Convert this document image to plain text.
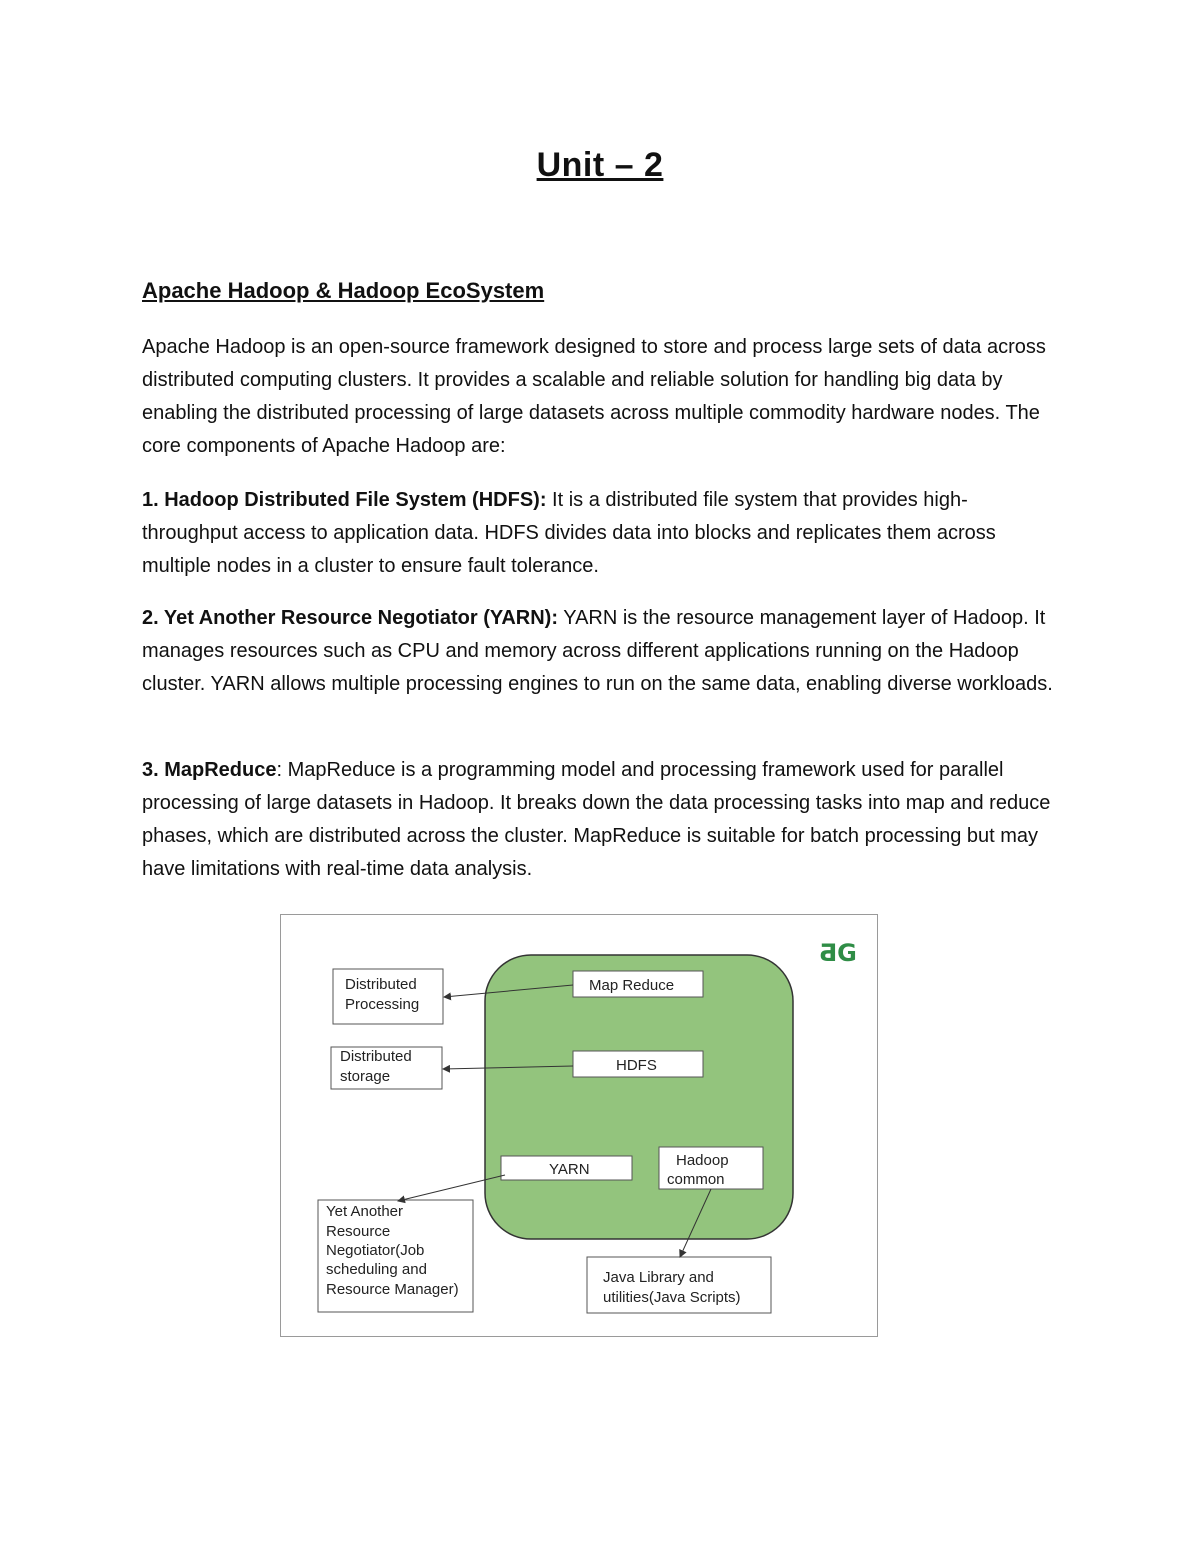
Unit – 2
Apache Hadoop & Hadoop EcoSystem

Apache Hadoop is an open-source framework designed to store and process large sets of data across distributed computing clusters. It provides a scalable and reliable solution for handling big data by enabling the distributed processing of large datasets across multiple commodity hardware nodes. The core components of Apache Hadoop are:

1. Hadoop Distributed File System (HDFS): It is a distributed file system that provides high-throughput access to application data. HDFS divides data into blocks and replicates them across multiple nodes in a cluster to ensure fault tolerance.

2. Yet Another Resource Negotiator (YARN): YARN is the resource management layer of Hadoop. It manages resources such as CPU and memory across different applications running on the Hadoop cluster. YARN allows multiple processing engines to run on the same data, enabling diverse workloads.

3. MapReduce: MapReduce is a programming model and processing framework used for parallel processing of large datasets in Hadoop. It breaks down the data processing tasks into map and reduce phases, which are distributed across the cluster. MapReduce is suitable for batch processing but may have limitations with real-time data analysis.

ƋG
Map Reduce
HDFS
YARN
Hadoop
common
Distributed
Processing
Distributed
storage
Yet Another
Resource
Negotiator(Job
scheduling and
Resource Manager)
Java Library and
utilities(Java Scripts)
